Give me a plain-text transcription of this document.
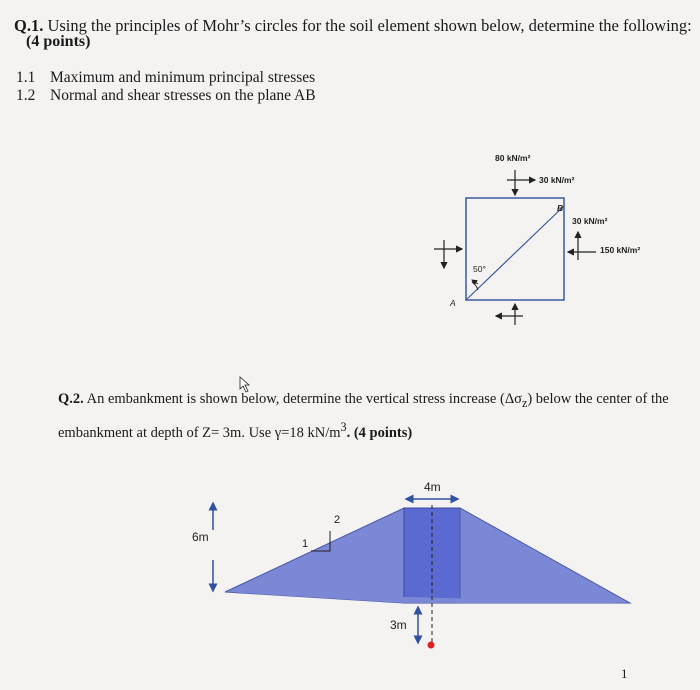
Q.1. Using the principles of Mohr’s circles for the soil element shown below, determine the following:
(4 points)
1.1 Maximum and minimum principal stresses
1.2 Normal and shear stresses on the plane AB
80 kN/m²
30 kN/m²
30 kN/m²
150 kN/m²
B
A
50°
Q.2. An embankment is shown below, determine the vertical stress increase $(\Delta\sigma_z)$ below the center of the embankment at depth of Z= 3m. Use γ=18 $kN/m^3$. (4 points)
4m
6m
2
1
3m
1
